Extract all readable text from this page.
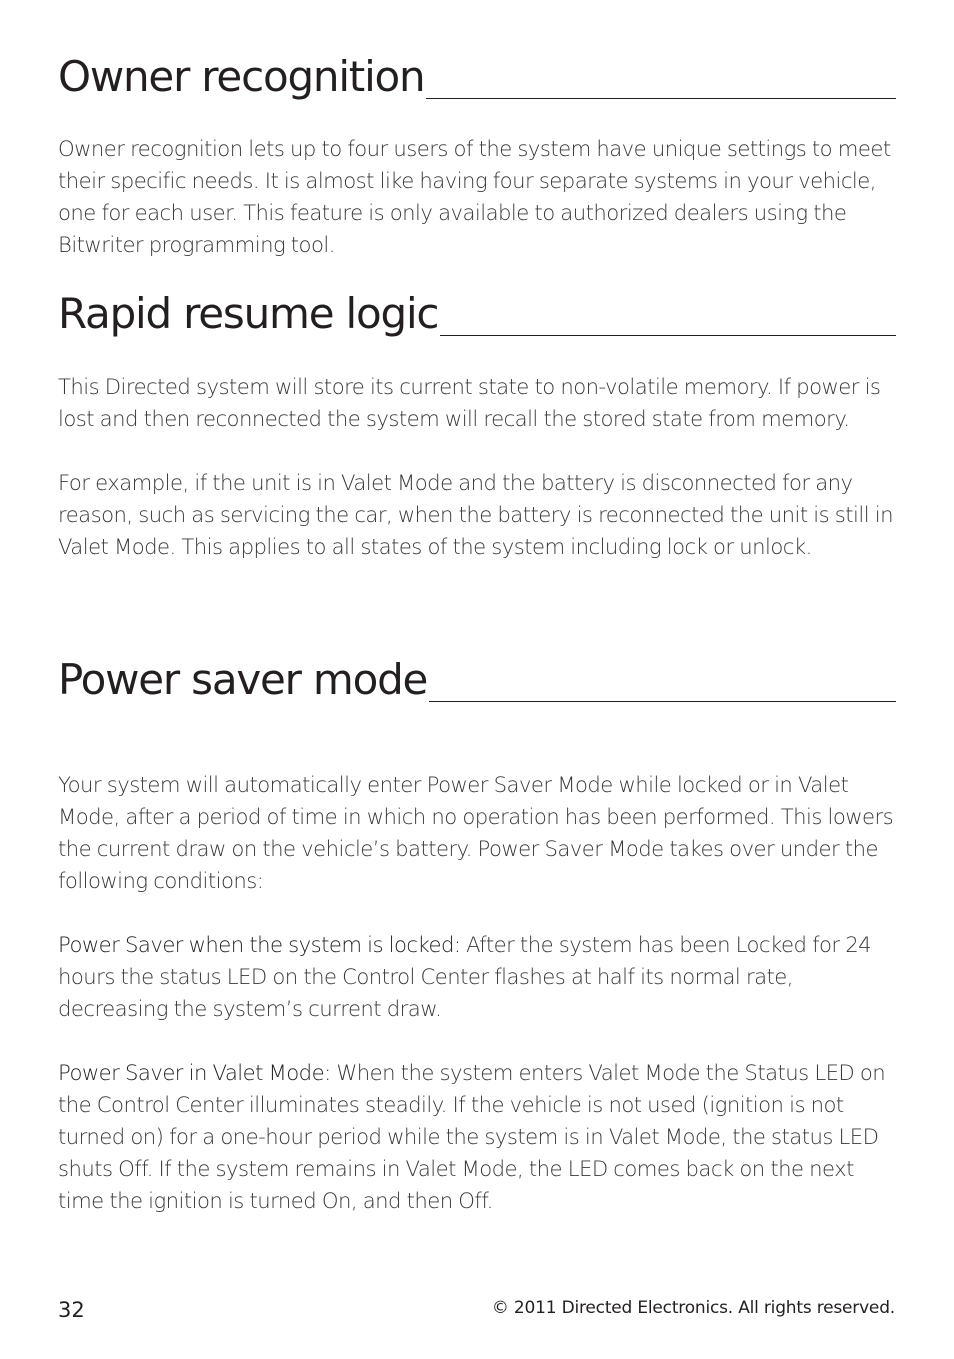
Owner recognition

Owner recognition lets up to four users of the system have unique settings to meet their specific needs. It is almost like having four separate systems in your vehicle, one for each user. This feature is only available to authorized dealers using the Bitwriter programming tool.

Rapid resume logic

This Directed system will store its current state to non-volatile memory. If power is lost and then reconnected the system will recall the stored state from memory.

For example, if the unit is in Valet Mode and the battery is disconnected for any reason, such as servicing the car, when the battery is reconnected the unit is still in Valet Mode. This applies to all states of the system including lock or unlock.

Power saver mode

Your system will automatically enter Power Saver Mode while locked or in Valet Mode, after a period of time in which no operation has been performed. This lowers the current draw on the vehicle’s battery. Power Saver Mode takes over under the following conditions:

Power Saver when the system is locked: After the system has been Locked for 24 hours the status LED on the Control Center flashes at half its normal rate, decreasing the system’s current draw.

Power Saver in Valet Mode: When the system enters Valet Mode the Status LED on the Control Center illuminates steadily. If the vehicle is not used (ignition is not turned on) for a one-hour period while the system is in Valet Mode, the status LED shuts Off. If the system remains in Valet Mode, the LED comes back on the next time the ignition is turned On, and then Off.

32	© 2011 Directed Electronics. All rights reserved.
